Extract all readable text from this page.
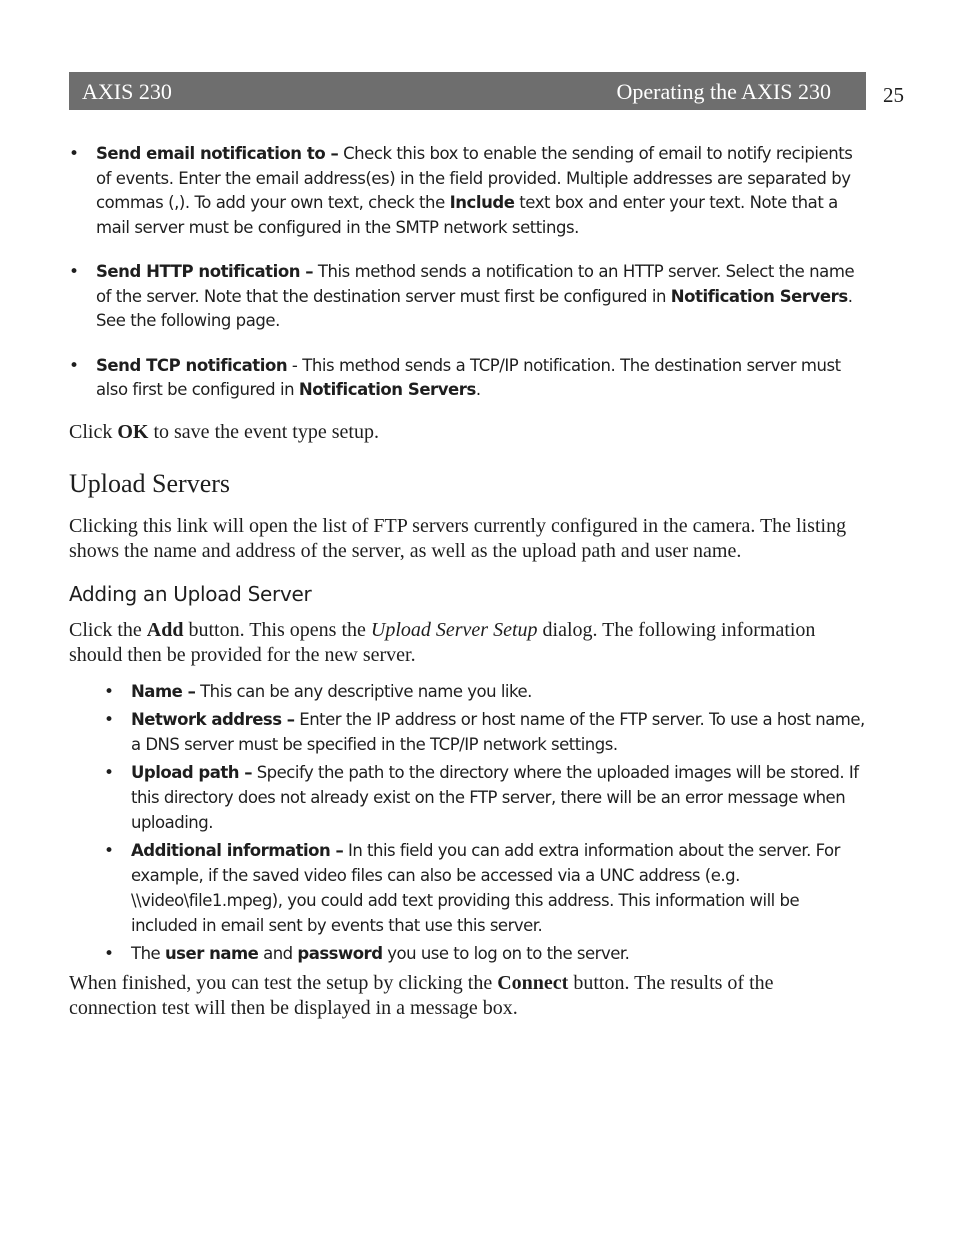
AXIS 230	Operating the AXIS 230 25
• Send email notification to – Check this box to enable the sending of email to notify recipients of events. Enter the email address(es) in the field provided. Multiple addresses are separated by commas (,). To add your own text, check the Include text box and enter your text. Note that a mail server must be configured in the SMTP network settings.
• Send HTTP notification – This method sends a notification to an HTTP server. Select the name of the server. Note that the destination server must first be configured in Notification Servers. See the following page.
• Send TCP notification - This method sends a TCP/IP notification. The destination server must also first be configured in Notification Servers.

Click OK to save the event type setup.

Upload Servers

Clicking this link will open the list of FTP servers currently configured in the camera. The listing shows the name and address of the server, as well as the upload path and user name.

Adding an Upload Server

Click the Add button. This opens the Upload Server Setup dialog. The following information should then be provided for the new server.

• Name – This can be any descriptive name you like.
• Network address – Enter the IP address or host name of the FTP server. To use a host name, a DNS server must be specified in the TCP/IP network settings.
• Upload path – Specify the path to the directory where the uploaded images will be stored. If this directory does not already exist on the FTP server, there will be an error message when uploading.
• Additional information – In this field you can add extra information about the server. For example, if the saved video files can also be accessed via a UNC address (e.g. \\video\file1.mpeg), you could add text providing this address. This information will be included in email sent by events that use this server.
• The user name and password you use to log on to the server.

When finished, you can test the setup by clicking the Connect button. The results of the connection test will then be displayed in a message box.
